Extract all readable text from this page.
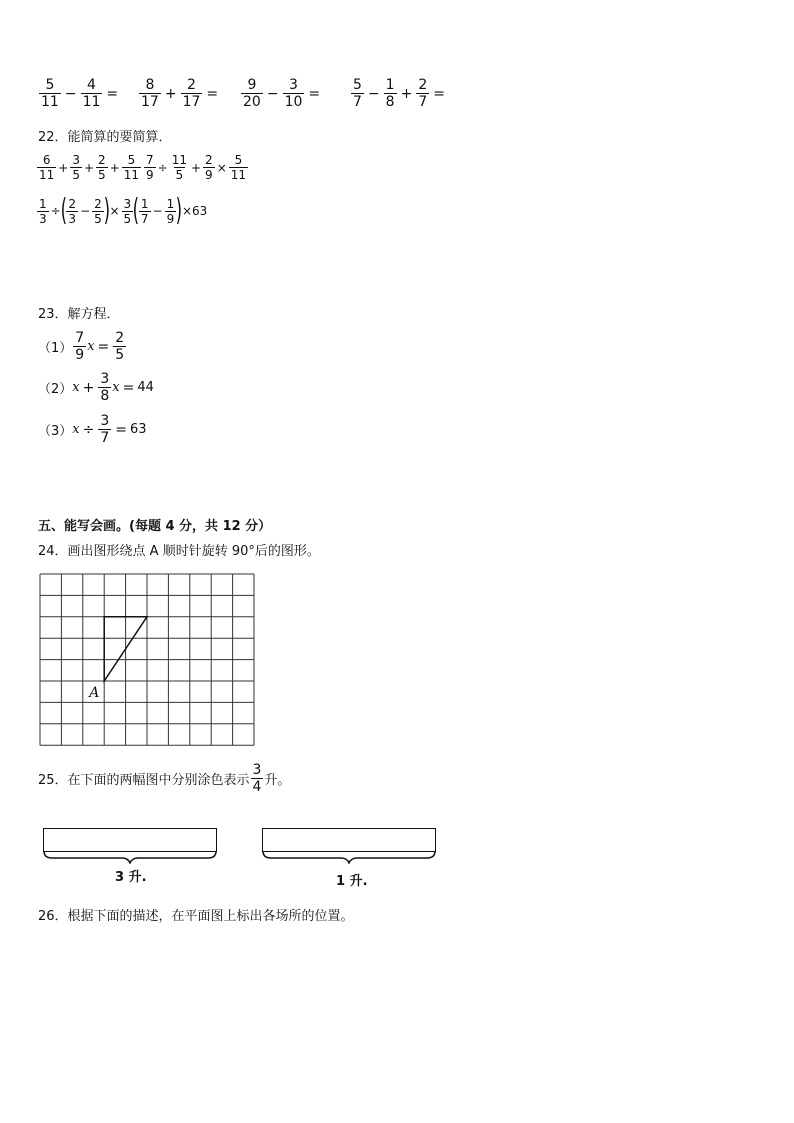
$\frac{5}{11} - \frac{4}{11} = \frac{8}{17} + \frac{2}{17} = \frac{9}{20} - \frac{3}{10} = \frac{5}{7} - \frac{1}{8} + \frac{2}{7}$ =
22．能简算的要简算．
$\frac{6}{11} + \frac{3}{5} + \frac{2}{5} + \frac{5}{11} \frac{7}{9} \div \frac{11}{5} + \frac{2}{9} \times \frac{5}{11}$
$\frac{1}{3}$ ÷ ( $\frac{2}{3} - \frac{2}{5}$ ) × $\frac{3}{5}$ ( $\frac{1}{7} - \frac{1}{9}$ ) ×63
23．解方程．
$(1) \frac{7}{9}$ $x = \frac{2}{5}$
（2） $x + \frac{3}{8}$ x = 44
（3） $x \div \frac{3}{7} = 63$
五、能写会画。(每题 4 分，共 12 分）
24．画出图形绕点 A 顺时针旋转 90°后的图形。
A
25．在下面的两幅图中分别涂色表示 $\frac{3}{4}$ 升。
3 升.	1 升.
26．根据下面的描述，在平面图上标出各场所的位置。
